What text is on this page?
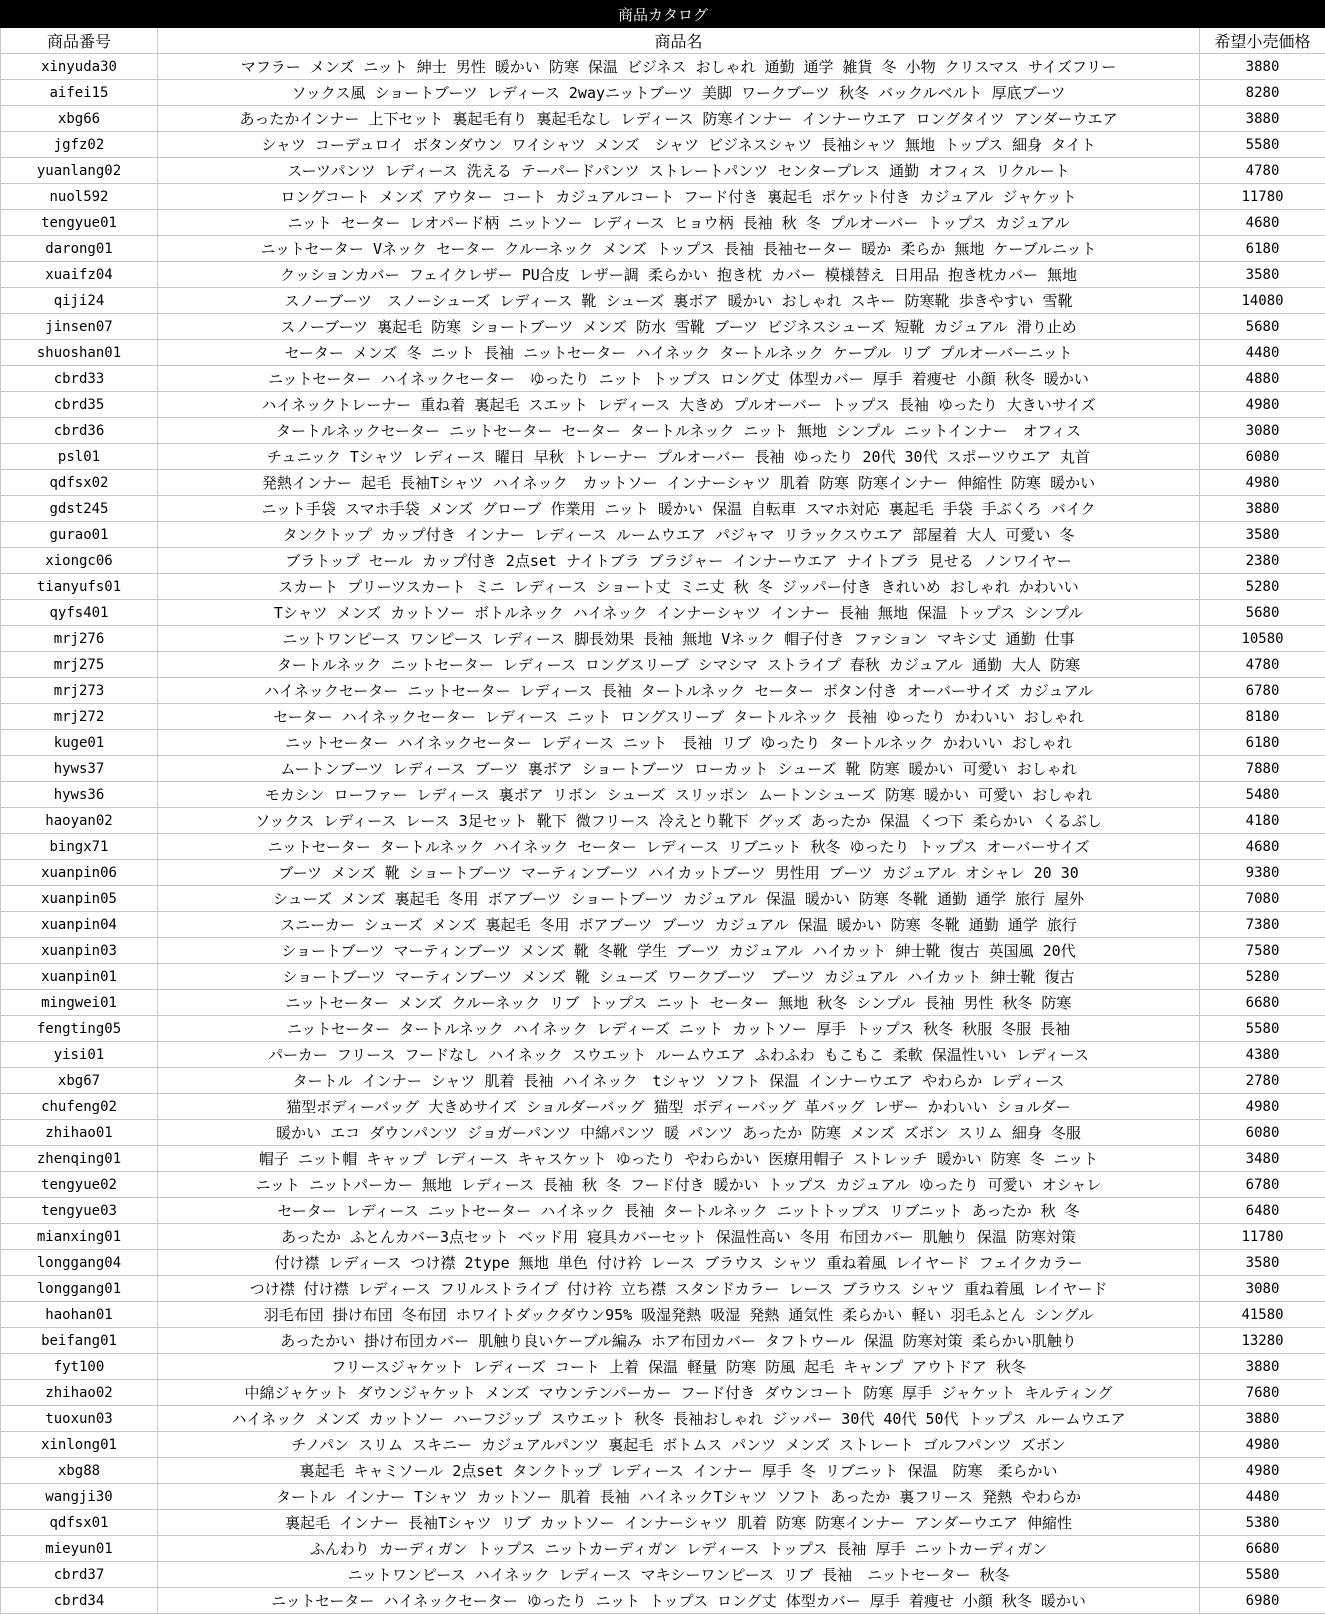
商品カタログ		
商品番号	商品名	希望小売価格
xinyuda30	マフラー メンズ ニット 紳士 男性 暖かい 防寒 保温 ビジネス おしゃれ 通勤 通学 雑貨 冬 小物 クリスマス サイズフリー	3880
aifei15	ソックス風 ショートブーツ レディース 2wayニットブーツ 美脚 ワークブーツ 秋冬 バックルベルト 厚底ブーツ	8280
xbg66	あったかインナー 上下セット 裏起毛有り 裏起毛なし レディース 防寒インナー インナーウエア ロングタイツ アンダーウエア	3880
jgfz02	シャツ コーデュロイ ボタンダウン ワイシャツ メンズ　シャツ ビジネスシャツ 長袖シャツ 無地 トップス 細身 タイト	5580
yuanlang02	スーツパンツ レディース 洗える テーパードパンツ ストレートパンツ センタープレス 通勤 オフィス リクルート	4780
nuol592	ロングコート メンズ アウター コート カジュアルコート フード付き 裏起毛 ポケット付き カジュアル ジャケット	11780
tengyue01	ニット セーター レオパード柄 ニットソー レディース ヒョウ柄 長袖 秋 冬 プルオーバー トップス カジュアル	4680
darong01	ニットセーター Vネック セーター クルーネック メンズ トップス 長袖 長袖セーター 暖か 柔らか 無地 ケーブルニット	6180
xuaifz04	クッションカバー フェイクレザー PU合皮 レザー調 柔らかい 抱き枕 カバー 模様替え 日用品 抱き枕カバー 無地	3580
qiji24	スノーブーツ　スノーシューズ レディース 靴 シューズ 裏ボア 暖かい おしゃれ スキー 防寒靴 歩きやすい 雪靴	14080
jinsen07	スノーブーツ 裏起毛 防寒 ショートブーツ メンズ 防水 雪靴 ブーツ ビジネスシューズ 短靴 カジュアル 滑り止め	5680
shuoshan01	セーター メンズ 冬 ニット 長袖 ニットセーター ハイネック タートルネック ケーブル リブ プルオーバーニット	4480
cbrd33	ニットセーター ハイネックセーター　ゆったり ニット トップス ロング丈 体型カバー 厚手 着痩せ 小顔 秋冬 暖かい	4880
cbrd35	ハイネックトレーナー 重ね着 裏起毛 スエット レディース 大きめ プルオーバー トップス 長袖 ゆったり 大きいサイズ	4980
cbrd36	タートルネックセーター ニットセーター セーター タートルネック ニット 無地 シンプル ニットインナー　オフィス	3080
psl01	チュニック Tシャツ レディース 曜日 早秋 トレーナー プルオーバー 長袖 ゆったり 20代 30代 スポーツウエア 丸首	6080
qdfsx02	発熱インナー 起毛 長袖Tシャツ ハイネック　カットソー インナーシャツ 肌着 防寒 防寒インナー 伸縮性 防寒 暖かい	4980
gdst245	ニット手袋 スマホ手袋 メンズ グローブ 作業用 ニット 暖かい 保温 自転車 スマホ対応 裏起毛 手袋 手ぶくろ バイク	3880
gurao01	タンクトップ カップ付き インナー レディース ルームウエア パジャマ リラックスウエア 部屋着 大人 可愛い 冬	3580
xiongc06	ブラトップ セール カップ付き 2点set ナイトブラ ブラジャー インナーウエア ナイトブラ 見せる ノンワイヤー	2380
tianyufs01	スカート プリーツスカート ミニ レディース ショート丈 ミニ丈 秋 冬 ジッパー付き きれいめ おしゃれ かわいい	5280
qyfs401	Tシャツ メンズ カットソー ボトルネック ハイネック インナーシャツ インナー 長袖 無地 保温 トップス シンプル	5680
mrj276	ニットワンピース ワンピース レディース 脚長効果 長袖 無地 Vネック 帽子付き ファション マキシ丈 通勤 仕事	10580
mrj275	タートルネック ニットセーター レディース ロングスリーブ シマシマ ストライプ 春秋 カジュアル 通勤 大人 防寒	4780
mrj273	ハイネックセーター ニットセーター レディース 長袖 タートルネック セーター ボタン付き オーバーサイズ カジュアル	6780
mrj272	セーター ハイネックセーター レディース ニット ロングスリーブ タートルネック 長袖 ゆったり かわいい おしゃれ	8180
kuge01	ニットセーター ハイネックセーター レディース ニット　長袖 リブ ゆったり タートルネック かわいい おしゃれ	6180
hyws37	ムートンブーツ レディース ブーツ 裏ボア ショートブーツ ローカット シューズ 靴 防寒 暖かい 可愛い おしゃれ	7880
hyws36	モカシン ローファー レディース 裏ボア リボン シューズ スリッポン ムートンシューズ 防寒 暖かい 可愛い おしゃれ	5480
haoyan02	ソックス レディース レース 3足セット 靴下 微フリース 冷えとり靴下 グッズ あったか 保温 くつ下 柔らかい くるぶし	4180
bingx71	ニットセーター タートルネック ハイネック セーター レディース リブニット 秋冬 ゆったり トップス オーバーサイズ	4680
xuanpin06	ブーツ メンズ 靴 ショートブーツ マーティンブーツ ハイカットブーツ 男性用 ブーツ カジュアル オシャレ 20 30	9380
xuanpin05	シューズ メンズ 裏起毛 冬用 ボアブーツ ショートブーツ カジュアル 保温 暖かい 防寒 冬靴 通勤 通学 旅行 屋外	7080
xuanpin04	スニーカー シューズ メンズ 裏起毛 冬用 ボアブーツ ブーツ カジュアル 保温 暖かい 防寒 冬靴 通勤 通学 旅行	7380
xuanpin03	ショートブーツ マーティンブーツ メンズ 靴 冬靴 学生 ブーツ カジュアル ハイカット 紳士靴 復古 英国風 20代	7580
xuanpin01	ショートブーツ マーティンブーツ メンズ 靴 シューズ ワークブーツ　ブーツ カジュアル ハイカット 紳士靴 復古	5280
mingwei01	ニットセーター メンズ クルーネック リブ トップス ニット セーター 無地 秋冬 シンプル 長袖 男性 秋冬 防寒	6680
fengting05	ニットセーター タートルネック ハイネック レディーズ ニット カットソー 厚手 トップス 秋冬 秋服 冬服 長袖	5580
yisi01	パーカー フリース フードなし ハイネック スウエット ルームウエア ふわふわ もこもこ 柔軟 保温性いい レディース	4380
xbg67	タートル インナー シャツ 肌着 長袖 ハイネック　tシャツ ソフト 保温 インナーウエア やわらか レディース	2780
chufeng02	猫型ボディーバッグ 大きめサイズ ショルダーバッグ 猫型 ボディーバッグ 革バッグ レザー かわいい ショルダー	4980
zhihao01	暖かい エコ ダウンパンツ ジョガーパンツ 中綿パンツ 暖 パンツ あったか 防寒 メンズ ズボン スリム 細身 冬服	6080
zhenqing01	帽子 ニット帽 キャップ レディース キャスケット ゆったり やわらかい 医療用帽子 ストレッチ 暖かい 防寒 冬 ニット	3480
tengyue02	ニット ニットパーカー 無地 レディース 長袖 秋 冬 フード付き 暖かい トップス カジュアル ゆったり 可愛い オシャレ	6780
tengyue03	セーター レディース ニットセーター ハイネック 長袖 タートルネック ニットトップス リブニット あったか 秋 冬	6480
mianxing01	あったか ふとんカバー3点セット ベッド用 寝具カバーセット 保温性高い 冬用 布団カバー 肌触り 保温 防寒対策	11780
longgang04	付け襟 レディース つけ襟 2type 無地 単色 付け衿 レース ブラウス シャツ 重ね着風 レイヤード フェイクカラー	3580
longgang01	つけ襟 付け襟 レディース フリルストライプ 付け衿 立ち襟 スタンドカラー レース ブラウス シャツ 重ね着風 レイヤード	3080
haohan01	羽毛布団 掛け布団 冬布団 ホワイトダックダウン95% 吸湿発熱 吸湿 発熱 通気性 柔らかい 軽い 羽毛ふとん シングル	41580
beifang01	あったかい 掛け布団カバー 肌触り良いケーブル編み ホア布団カバー タフトウール 保温 防寒対策 柔らかい肌触り	13280
fyt100	フリースジャケット レディーズ コート 上着 保温 軽量 防寒 防風 起毛 キャンプ アウトドア 秋冬	3880
zhihao02	中綿ジャケット ダウンジャケット メンズ マウンテンパーカー フード付き ダウンコート 防寒 厚手 ジャケット キルティング	7680
tuoxun03	ハイネック メンズ カットソー ハーフジップ スウエット 秋冬 長袖おしゃれ ジッパー 30代 40代 50代 トップス ルームウエア	3880
xinlong01	チノパン スリム スキニー カジュアルパンツ 裏起毛 ボトムス パンツ メンズ ストレート ゴルフパンツ ズボン	4980
xbg88	裏起毛 キャミソール 2点set タンクトップ レディース インナー 厚手 冬 リブニット 保温　防寒　柔らかい	4980
wangji30	タートル インナー Tシャツ カットソー 肌着 長袖 ハイネックTシャツ ソフト あったか 裏フリース 発熱 やわらか	4480
qdfsx01	裏起毛 インナー 長袖Tシャツ リブ カットソー インナーシャツ 肌着 防寒 防寒インナー アンダーウエア 伸縮性	5380
mieyun01	ふんわり カーディガン トップス ニットカーディガン レディース トップス 長袖 厚手 ニットカーディガン	6680
cbrd37	ニットワンピース ハイネック レディース マキシーワンピース リブ 長袖　ニットセーター 秋冬	5580
cbrd34	ニットセーター ハイネックセーター ゆったり ニット トップス ロング丈 体型カバー 厚手 着痩せ 小顔 秋冬 暖かい	6980
